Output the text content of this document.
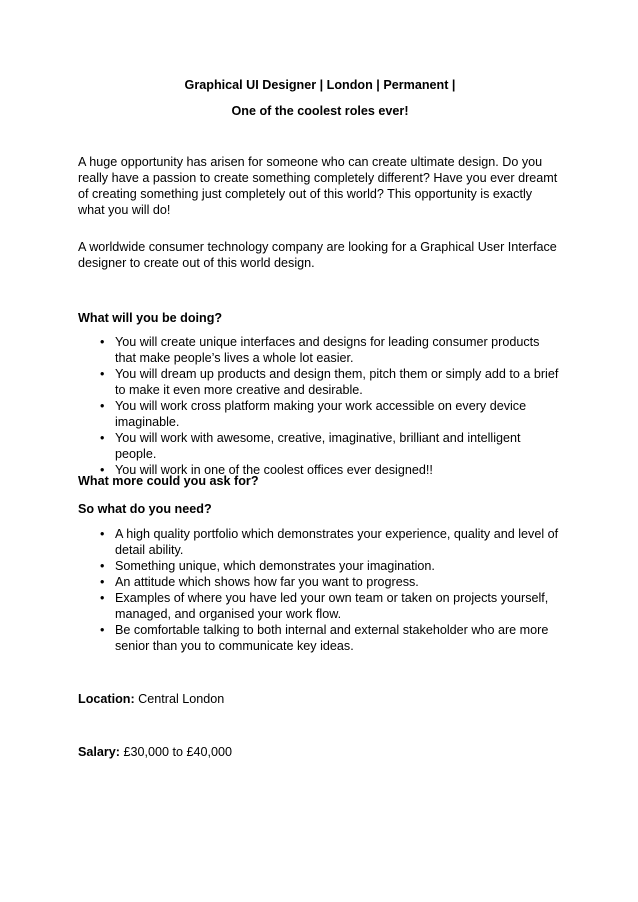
Graphical UI Designer | London | Permanent |
One of the coolest roles ever!

A huge opportunity has arisen for someone who can create ultimate design. Do you really have a passion to create something completely different? Have you ever dreamt of creating something just completely out of this world? This opportunity is exactly what you will do!

A worldwide consumer technology company are looking for a Graphical User Interface designer to create out of this world design.

What will you be doing?
• You will create unique interfaces and designs for leading consumer products that make people’s lives a whole lot easier.
• You will dream up products and design them, pitch them or simply add to a brief to make it even more creative and desirable.
• You will work cross platform making your work accessible on every device imaginable.
• You will work with awesome, creative, imaginative, brilliant and intelligent people.
• You will work in one of the coolest offices ever designed!!
What more could you ask for?
So what do you need?
• A high quality portfolio which demonstrates your experience, quality and level of detail ability.
• Something unique, which demonstrates your imagination.
• An attitude which shows how far you want to progress.
• Examples of where you have led your own team or taken on projects yourself, managed, and organised your work flow.
• Be comfortable talking to both internal and external stakeholder who are more senior than you to communicate key ideas.
Location: Central London
Salary: £30,000 to £40,000
